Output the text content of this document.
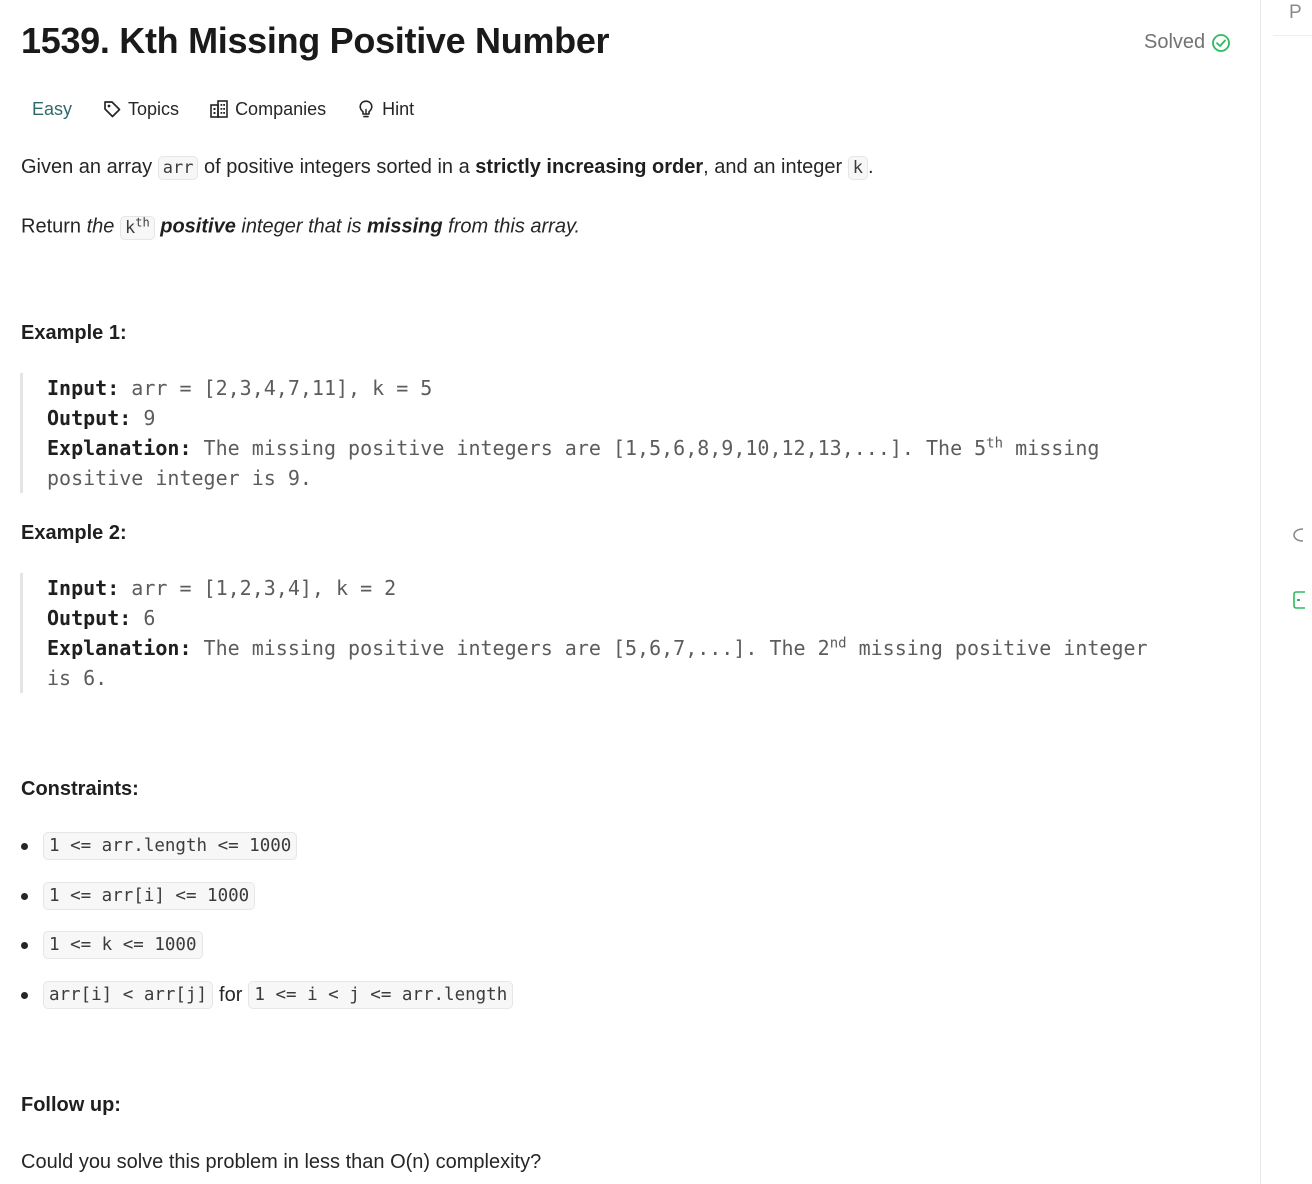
1539. Kth Missing Positive Number	Solved
Easy	Topics	Companies	Hint

Given an array arr of positive integers sorted in a strictly increasing order, and an integer k .

Return the $k^{th}$ positive integer that is missing from this array.

Example 1:
Input: arr = [2,3,4,7,11], k = 5
Output: 9
Explanation: The missing positive integers are [1,5,6,8,9,10,12,13,...]. The 5th missing
positive integer is 9.
Example 2:
Input: arr = [1,2,3,4], k = 2
Output: 6
Explanation: The missing positive integers are [5,6,7,...]. The 2nd missing positive integer
is 6.
Constraints:
1 <= arr.length <= 1000
1 <= arr[i] <= 1000
1 <= k <= 1000
arr[i] < arr[j] for 1 <= i < j <= arr.length
Follow up:

Could you solve this problem in less than O(n) complexity?

P
